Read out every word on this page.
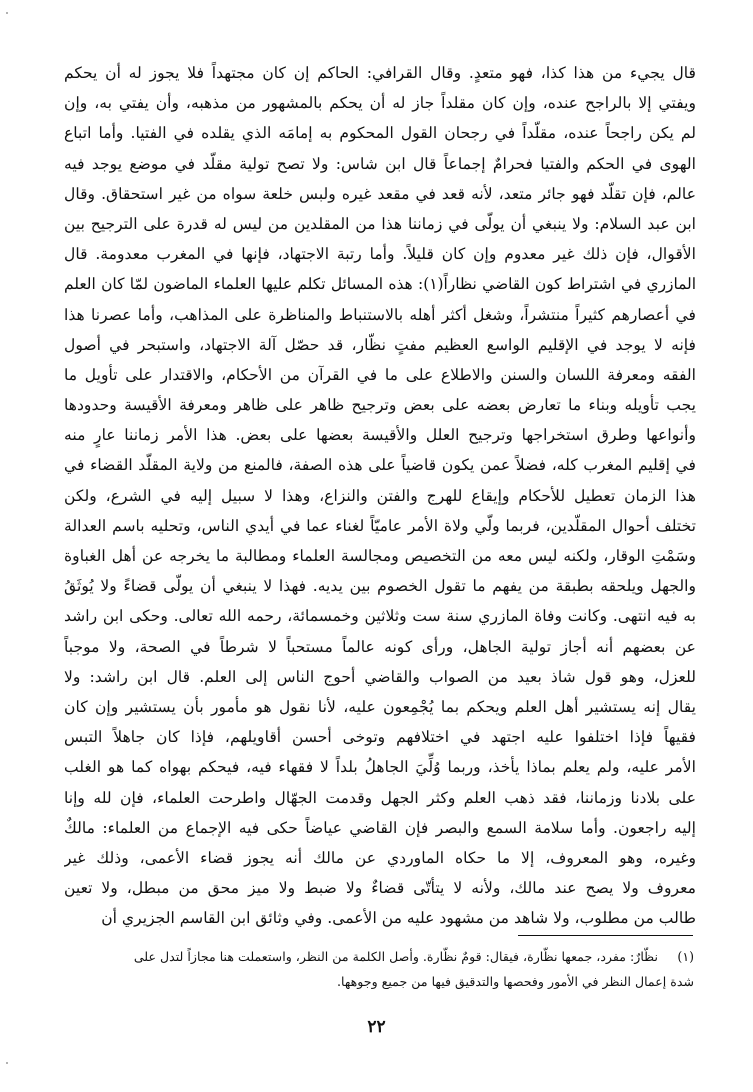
قال يجيء من هذا كذا، فهو متعدٍ. وقال القرافي: الحاكم إن كان مجتهداً فلا يجوز له أن يحكم
ويفتي إلا بالراجح عنده، وإن كان مقلداً جاز له أن يحكم بالمشهور من مذهبه، وأن يفتي به، وإن
لم يكن راجحاً عنده، مقلّداً في رجحان القول المحكوم به إمامَه الذي يقلده في الفتيا. وأما اتباع
الهوى في الحكم والفتيا فحرامٌ إجماعاً قال ابن شاس: ولا تصح تولية مقلّد في موضع يوجد فيه
عالم، فإن تقلّد فهو جائر متعد، لأنه قعد في مقعد غيره ولبس خلعة سواه من غير استحقاق. وقال
ابن عبد السلام: ولا ينبغي أن يولّى في زماننا هذا من المقلدين من ليس له قدرة على الترجيح بين
الأقوال، فإن ذلك غير معدوم وإن كان قليلاً. وأما رتبة الاجتهاد، فإنها في المغرب معدومة. قال
المازري في اشتراط كون القاضي نظاراً(١): هذه المسائل تكلم عليها العلماء الماضون لمّا كان العلم
في أعصارهم كثيراً منتشراً، وشغل أكثر أهله بالاستنباط والمناظرة على المذاهب، وأما عصرنا هذا
فإنه لا يوجد في الإقليم الواسع العظيم مفتٍ نظّار، قد حصّل آلة الاجتهاد، واستبحر في أصول
الفقه ومعرفة اللسان والسنن والاطلاع على ما في القرآن من الأحكام، والاقتدار على تأويل ما
يجب تأويله وبناء ما تعارض بعضه على بعض وترجيح ظاهر على ظاهر ومعرفة الأقيسة وحدودها
وأنواعها وطرق استخراجها وترجيح العلل والأقيسة بعضها على بعض. هذا الأمر زماننا عارٍ منه
في إقليم المغرب كله، فضلاً عمن يكون قاضياً على هذه الصفة، فالمنع من ولاية المقلّد القضاء في
هذا الزمان تعطيل للأحكام وإيقاع للهرج والفتن والنزاع، وهذا لا سبيل إليه في الشرع، ولكن
تختلف أحوال المقلّدين، فربما ولّي ولاة الأمر عاميّاً لغناء عما في أيدي الناس، وتحليه باسم العدالة
وسَمْتِ الوقار، ولكنه ليس معه من التخصيص ومجالسة العلماء ومطالبة ما يخرجه عن أهل الغباوة
والجهل ويلحقه بطبقة من يفهم ما تقول الخصوم بين يديه. فهذا لا ينبغي أن يولّى قضاءً ولا يُوثَقُ
به فيه انتهى. وكانت وفاة المازري سنة ست وثلاثين وخمسمائة، رحمه الله تعالى. وحكى ابن راشد
عن بعضهم أنه أجاز تولية الجاهل، ورأى كونه عالماً مستحباً لا شرطاً في الصحة، ولا موجباً
للعزل، وهو قول شاذ بعيد من الصواب والقاضي أحوج الناس إلى العلم. قال ابن راشد: ولا
يقال إنه يستشير أهل العلم ويحكم بما يُجْمِعون عليه، لأنا نقول هو مأمور بأن يستشير وإن كان
فقيهاً فإذا اختلفوا عليه اجتهد في اختلافهم وتوخى أحسن أقاويلهم، فإذا كان جاهلاً التبس
الأمر عليه، ولم يعلم بماذا يأخذ، وربما وُلِّيَ الجاهلُ بلداً لا فقهاء فيه، فيحكم بهواه كما هو الغلب
على بلادنا وزماننا، فقد ذهب العلم وكثر الجهل وقدمت الجهّال واطرحت العلماء، فإن لله وإنا
إليه راجعون. وأما سلامة السمع والبصر فإن القاضي عياضاً حكى فيه الإجماع من العلماء: مالكٌ
وغيره، وهو المعروف، إلا ما حكاه الماوردي عن مالك أنه يجوز قضاء الأعمى، وذلك غير
معروف ولا يصح عند مالك، ولأنه لا يتأتّى قضاءٌ ولا ضبط ولا ميز محق من مبطل، ولا تعين
طالب من مطلوب، ولا شاهد من مشهود عليه من الأعمى. وفي وثائق ابن القاسم الجزيري أن
(١)نظّارٌ: مفرد، جمعها نظّارة، فيقال: قومٌ نظّارة. وأصل الكلمة من النظر، واستعملت هنا مجازاً لتدل على
شدة إعمال النظر في الأمور وفحصها والتدقيق فيها من جميع وجوهها.
٢٢
